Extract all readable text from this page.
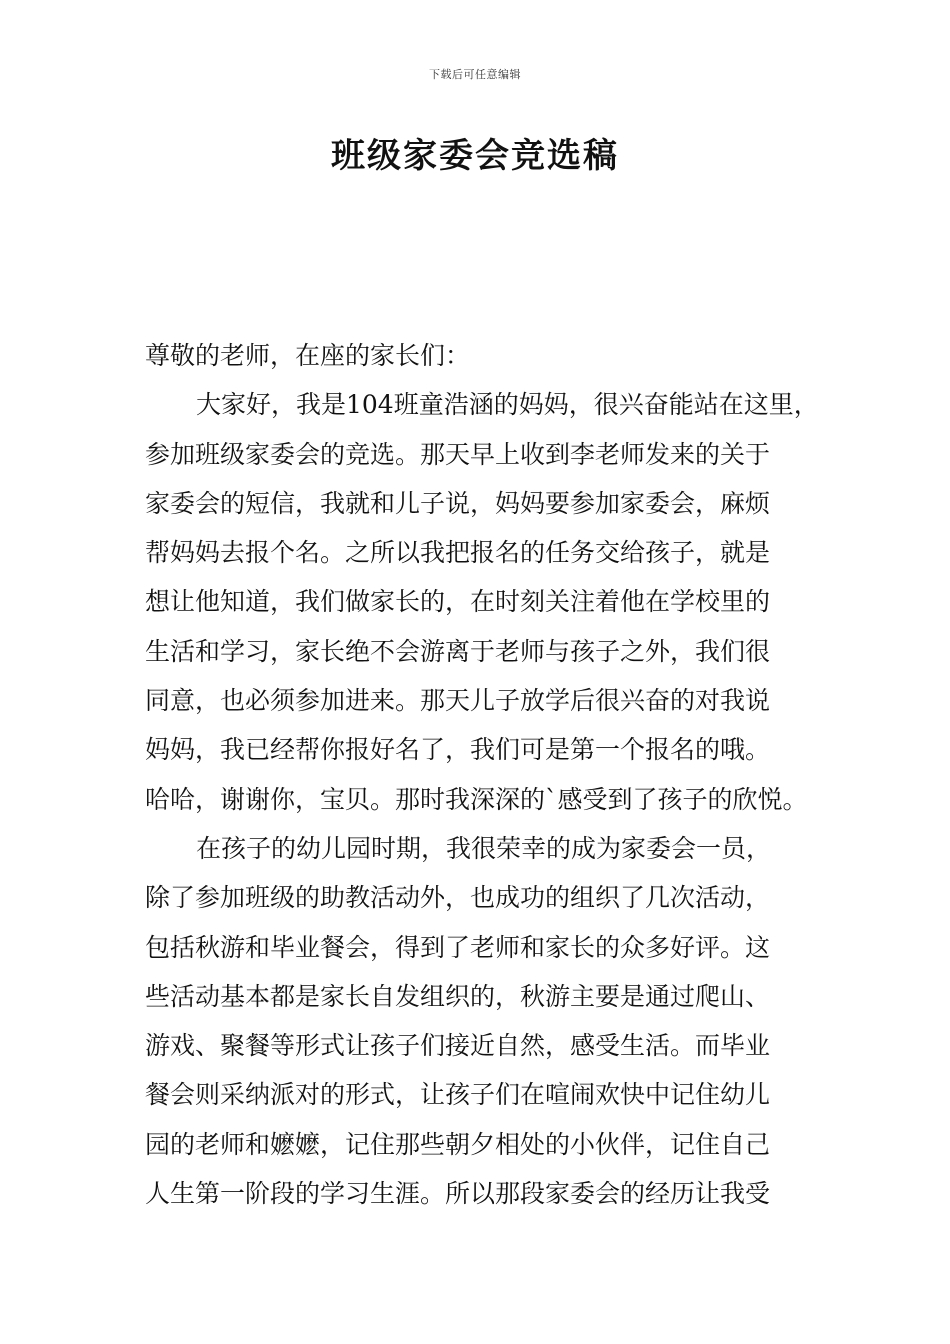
下载后可任意编辑
班级家委会竞选稿
尊敬的老师，在座的家长们：
大家好，我是104班童浩涵的妈妈，很兴奋能站在这里，
参加班级家委会的竞选。那天早上收到李老师发来的关于
家委会的短信，我就和儿子说，妈妈要参加家委会，麻烦
帮妈妈去报个名。之所以我把报名的任务交给孩子，就是
想让他知道，我们做家长的，在时刻关注着他在学校里的
生活和学习，家长绝不会游离于老师与孩子之外，我们很
同意，也必须参加进来。那天儿子放学后很兴奋的对我说
妈妈，我已经帮你报好名了，我们可是第一个报名的哦。
哈哈，谢谢你，宝贝。那时我深深的`感受到了孩子的欣悦。
在孩子的幼儿园时期，我很荣幸的成为家委会一员，
除了参加班级的助教活动外，也成功的组织了几次活动，
包括秋游和毕业餐会，得到了老师和家长的众多好评。这
些活动基本都是家长自发组织的，秋游主要是通过爬山、
游戏、聚餐等形式让孩子们接近自然，感受生活。而毕业
餐会则采纳派对的形式，让孩子们在喧闹欢快中记住幼儿
园的老师和嬷嬷，记住那些朝夕相处的小伙伴，记住自己
人生第一阶段的学习生涯。所以那段家委会的经历让我受
